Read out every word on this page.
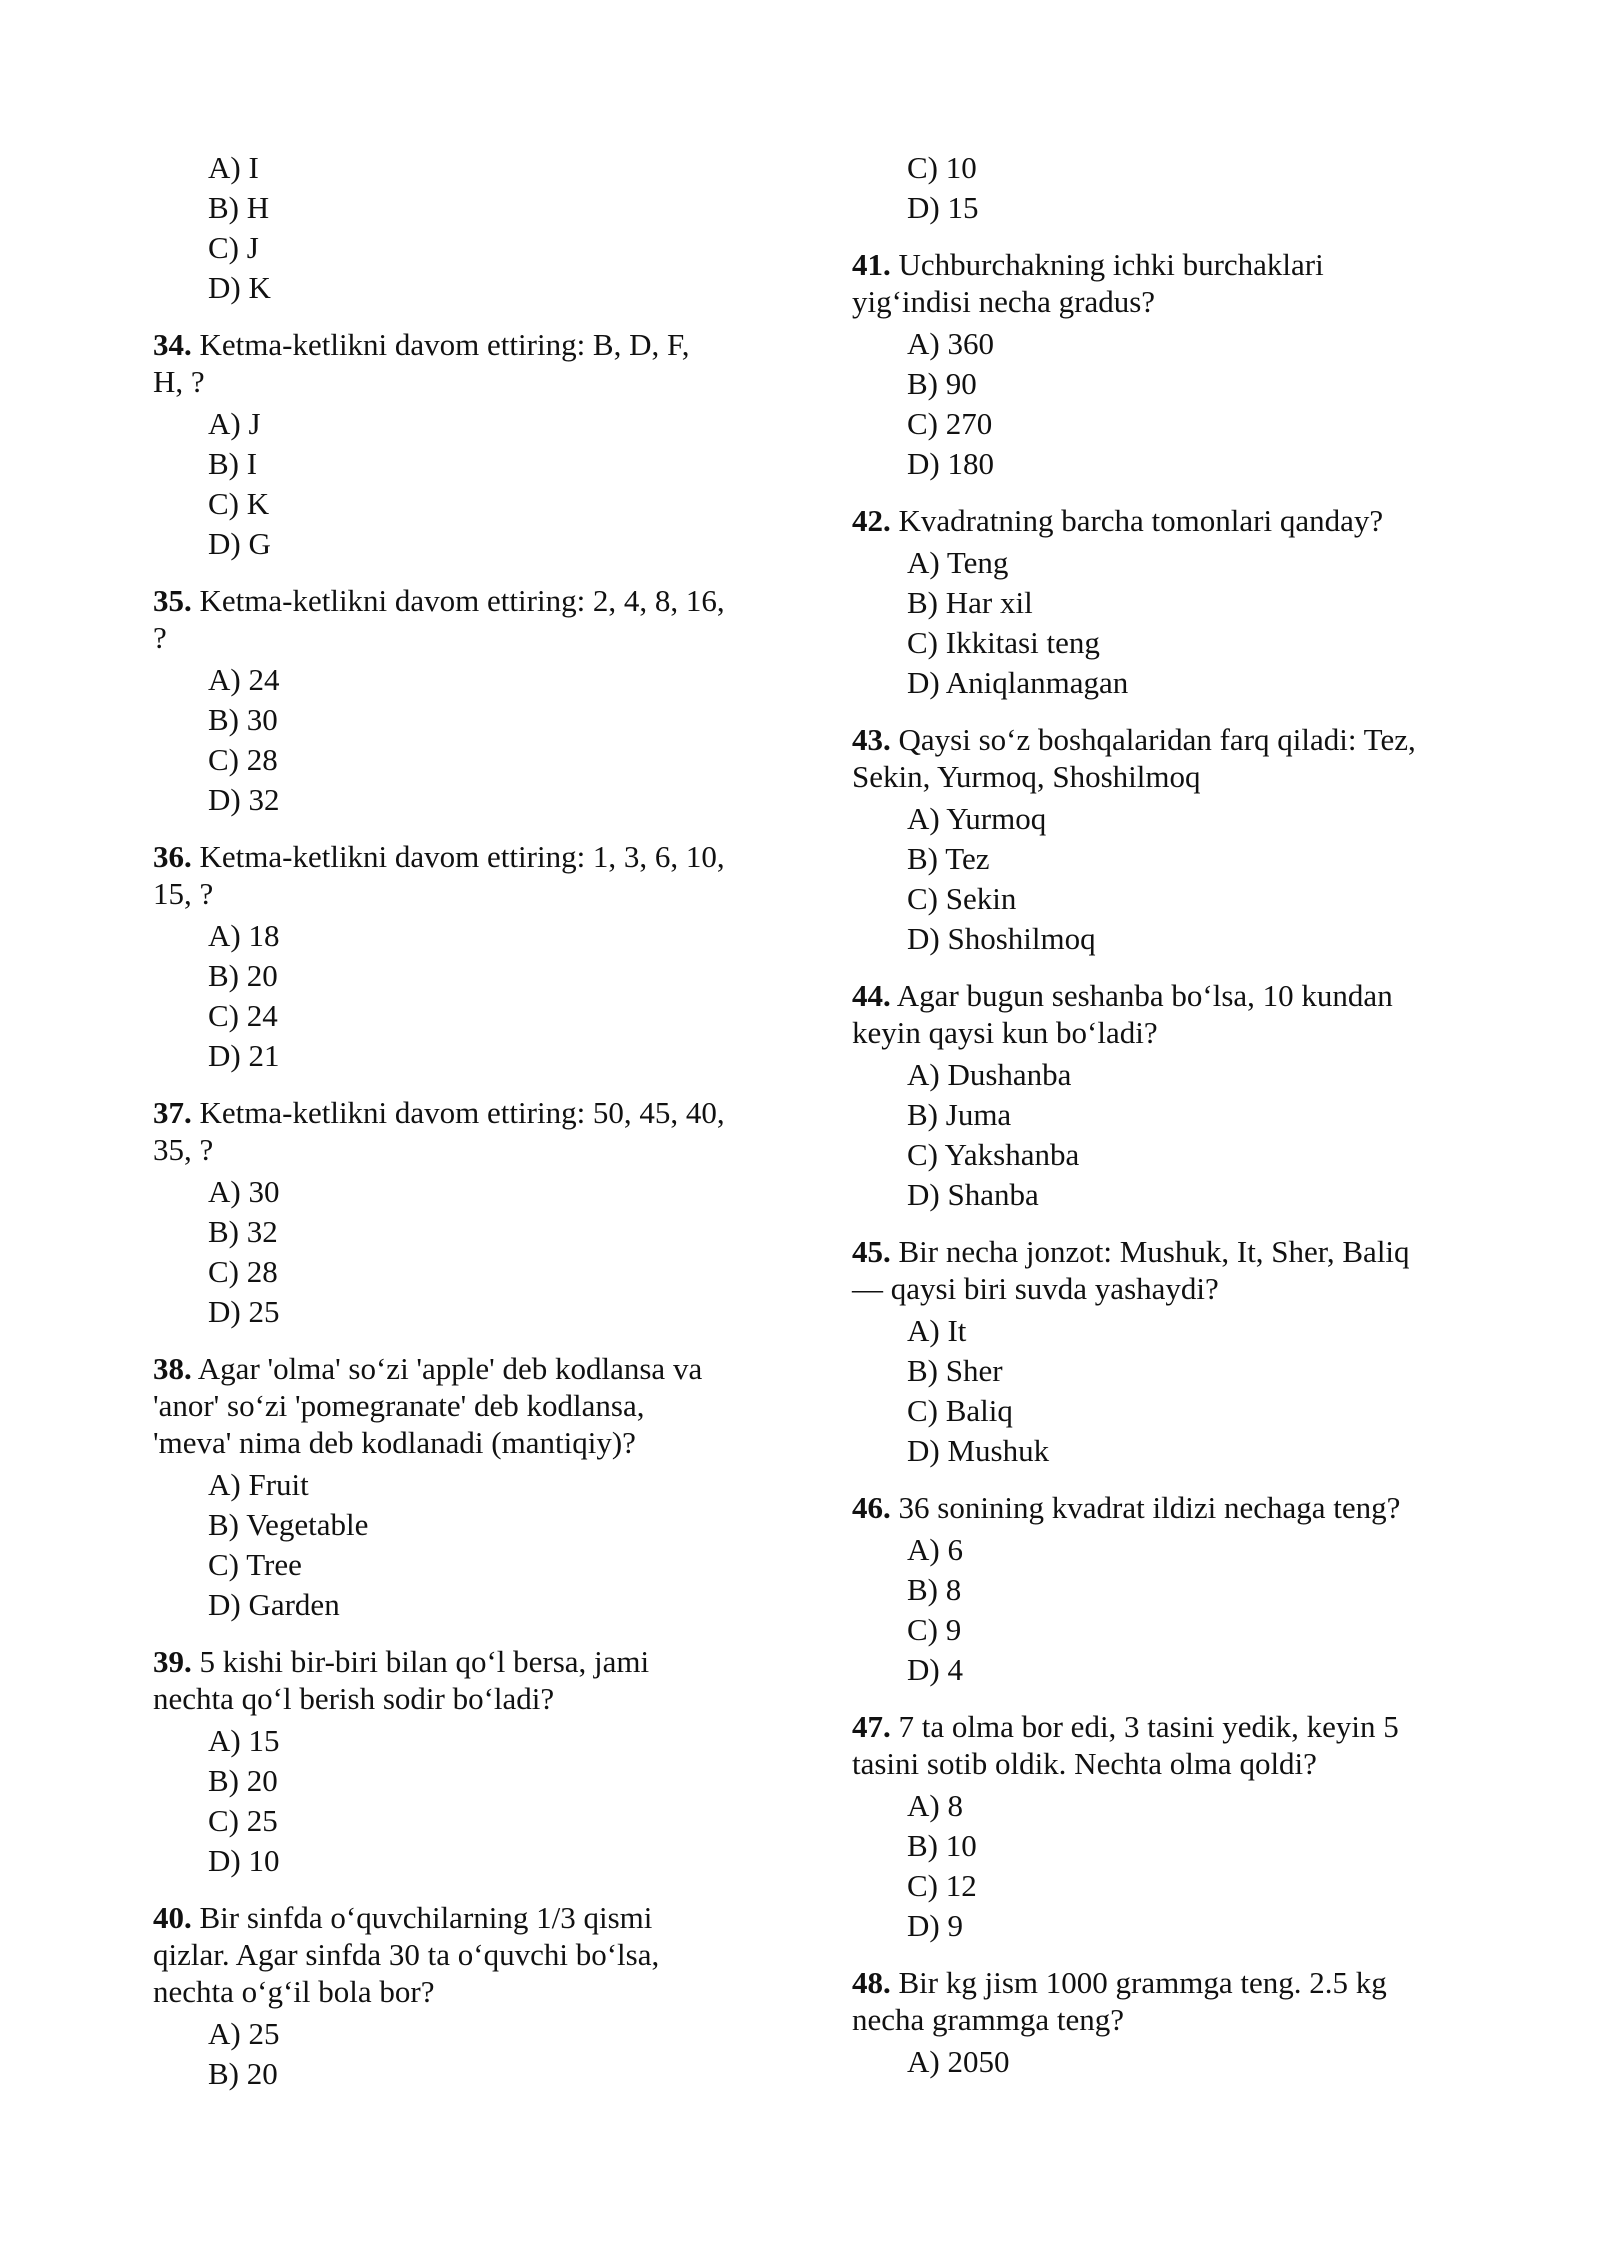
A) I
B) H
C) J
D) K
34. Ketma-ketlikni davom ettiring: B, D, F,
H, ?
A) J
B) I
C) K
D) G
35. Ketma-ketlikni davom ettiring: 2, 4, 8, 16,
?
A) 24
B) 30
C) 28
D) 32
36. Ketma-ketlikni davom ettiring: 1, 3, 6, 10,
15, ?
A) 18
B) 20
C) 24
D) 21
37. Ketma-ketlikni davom ettiring: 50, 45, 40,
35, ?
A) 30
B) 32
C) 28
D) 25
38. Agar 'olma' so‘zi 'apple' deb kodlansa va
'anor' so‘zi 'pomegranate' deb kodlansa,
'meva' nima deb kodlanadi (mantiqiy)?
A) Fruit
B) Vegetable
C) Tree
D) Garden
39. 5 kishi bir-biri bilan qo‘l bersa, jami
nechta qo‘l berish sodir bo‘ladi?
A) 15
B) 20
C) 25
D) 10
40. Bir sinfda o‘quvchilarning 1/3 qismi
qizlar. Agar sinfda 30 ta o‘quvchi bo‘lsa,
nechta o‘g‘il bola bor?
A) 25
B) 20
C) 10
D) 15
41. Uchburchakning ichki burchaklari
yig‘indisi necha gradus?
A) 360
B) 90
C) 270
D) 180
42. Kvadratning barcha tomonlari qanday?
A) Teng
B) Har xil
C) Ikkitasi teng
D) Aniqlanmagan
43. Qaysi so‘z boshqalaridan farq qiladi: Tez,
Sekin, Yurmoq, Shoshilmoq
A) Yurmoq
B) Tez
C) Sekin
D) Shoshilmoq
44. Agar bugun seshanba bo‘lsa, 10 kundan
keyin qaysi kun bo‘ladi?
A) Dushanba
B) Juma
C) Yakshanba
D) Shanba
45. Bir necha jonzot: Mushuk, It, Sher, Baliq
— qaysi biri suvda yashaydi?
A) It
B) Sher
C) Baliq
D) Mushuk
46. 36 sonining kvadrat ildizi nechaga teng?
A) 6
B) 8
C) 9
D) 4
47. 7 ta olma bor edi, 3 tasini yedik, keyin 5
tasini sotib oldik. Nechta olma qoldi?
A) 8
B) 10
C) 12
D) 9
48. Bir kg jism 1000 grammga teng. 2.5 kg
necha grammga teng?
A) 2050
